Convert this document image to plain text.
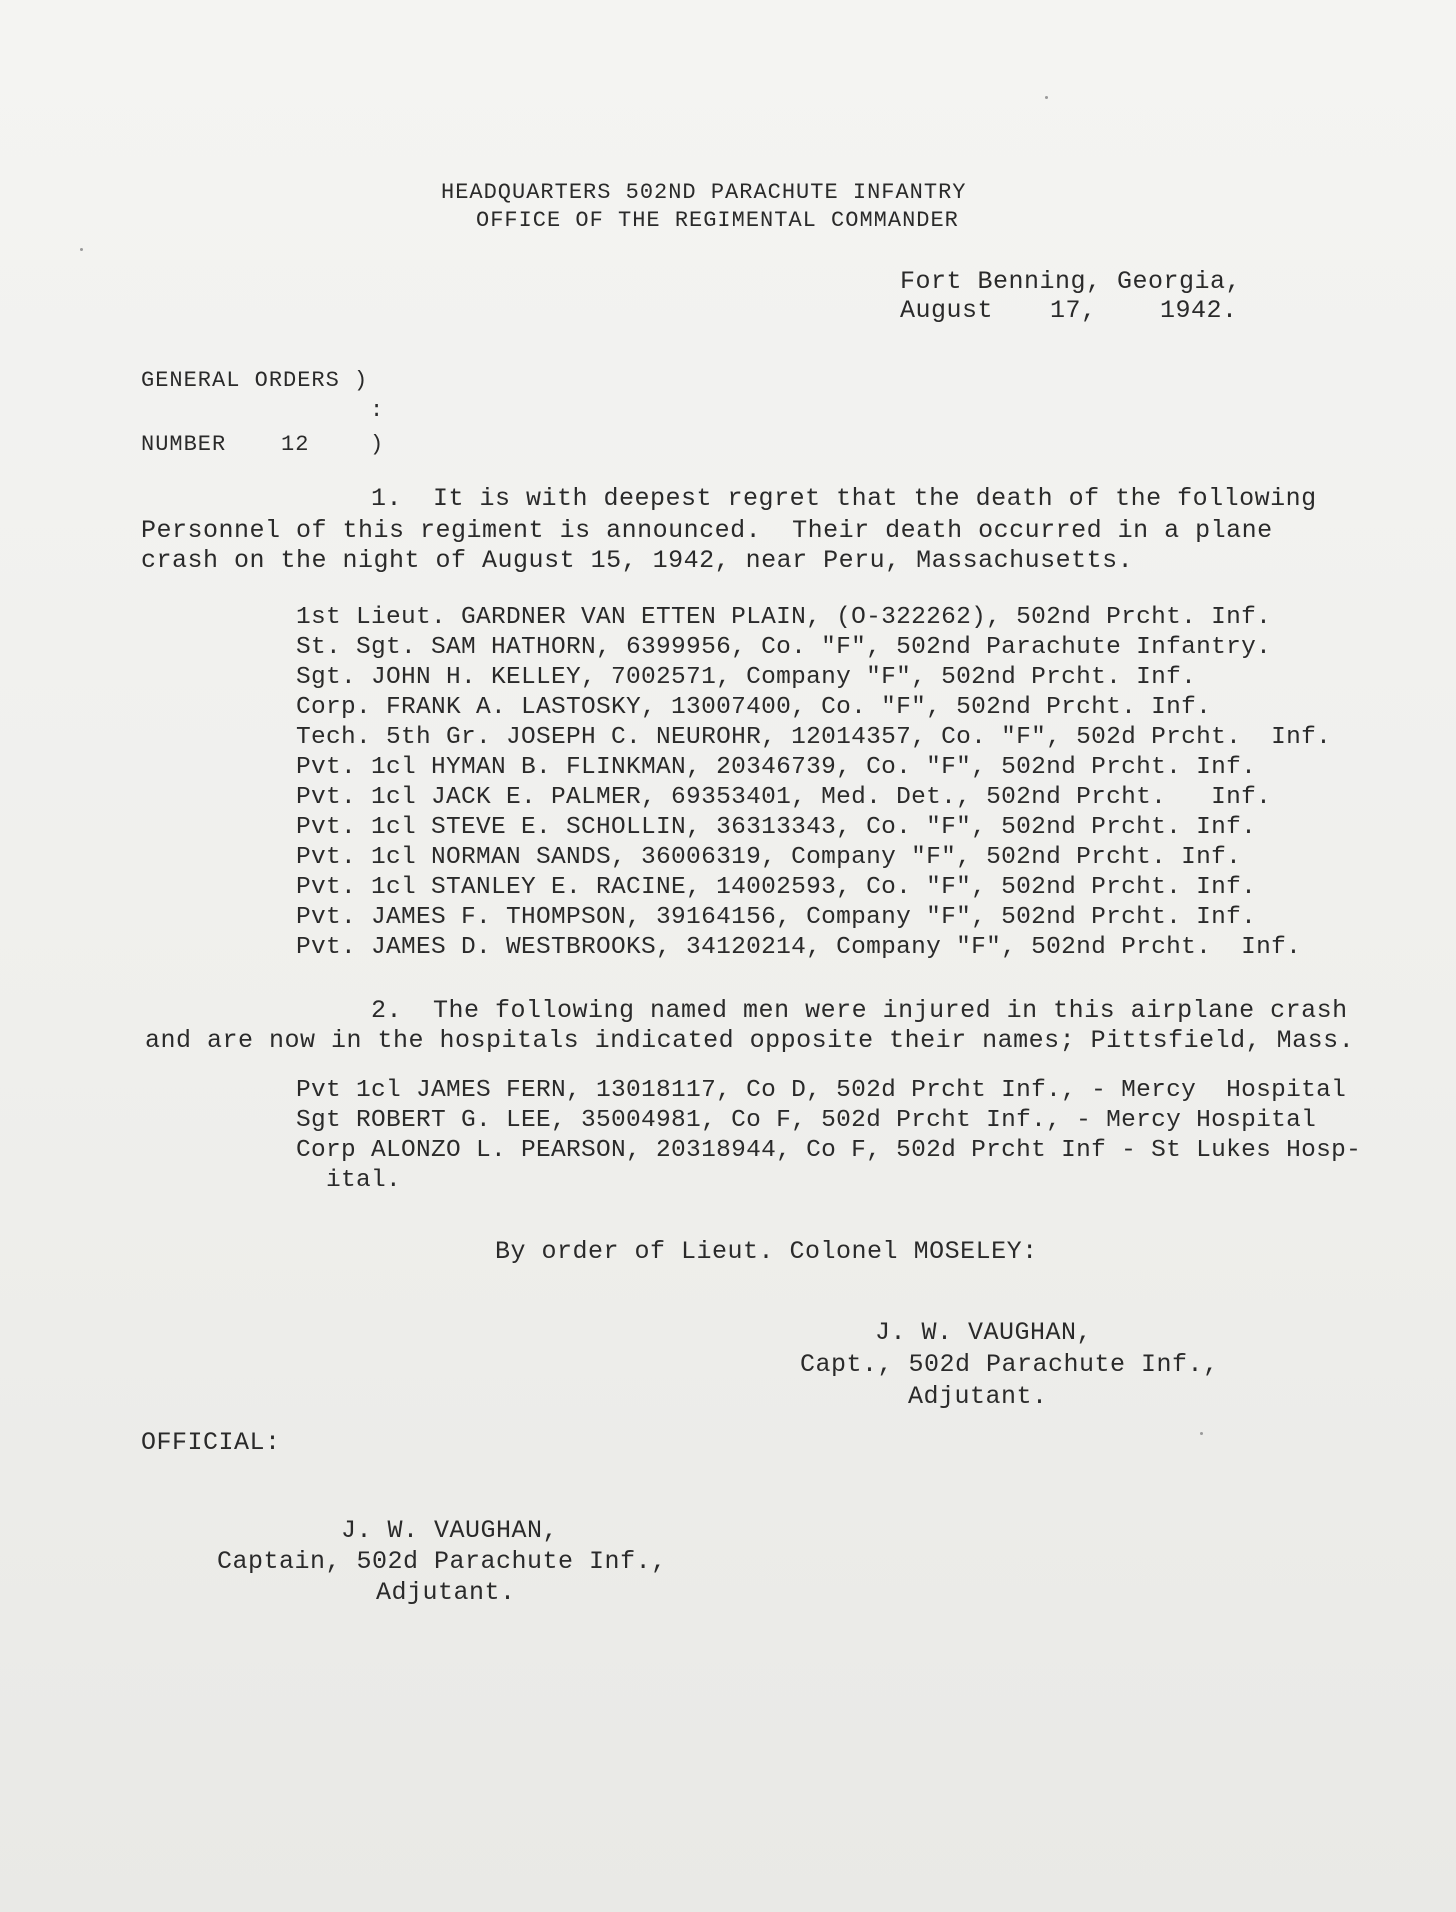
HEADQUARTERS 502ND PARACHUTE INFANTRY
OFFICE OF THE REGIMENTAL COMMANDER
Fort Benning, Georgia,
August 17,	1942.
GENERAL ORDERS )
:
NUMBER 12	)
1.  It is with deepest regret that the death of the following
Personnel of this regiment is announced.  Their death occurred in a plane
crash on the night of August 15, 1942, near Peru, Massachusetts.
1st Lieut. GARDNER VAN ETTEN PLAIN, (O-322262), 502nd Prcht. Inf.
St. Sgt. SAM HATHORN, 6399956, Co. "F", 502nd Parachute Infantry.
Sgt. JOHN H. KELLEY, 7002571, Company "F", 502nd Prcht. Inf.
Corp. FRANK A. LASTOSKY, 13007400, Co. "F", 502nd Prcht. Inf.
Tech. 5th Gr. JOSEPH C. NEUROHR, 12014357, Co. "F", 502d Prcht.  Inf.
Pvt. 1cl HYMAN B. FLINKMAN, 20346739, Co. "F", 502nd Prcht. Inf.
Pvt. 1cl JACK E. PALMER, 69353401, Med. Det., 502nd Prcht.   Inf.
Pvt. 1cl STEVE E. SCHOLLIN, 36313343, Co. "F", 502nd Prcht. Inf.
Pvt. 1cl NORMAN SANDS, 36006319, Company "F", 502nd Prcht. Inf.
Pvt. 1cl STANLEY E. RACINE, 14002593, Co. "F", 502nd Prcht. Inf.
Pvt. JAMES F. THOMPSON, 39164156, Company "F", 502nd Prcht. Inf.
Pvt. JAMES D. WESTBROOKS, 34120214, Company "F", 502nd Prcht.  Inf.
2.  The following named men were injured in this airplane crash
and are now in the hospitals indicated opposite their names; Pittsfield, Mass.
Pvt 1cl JAMES FERN, 13018117, Co D, 502d Prcht Inf., - Mercy  Hospital
Sgt ROBERT G. LEE, 35004981, Co F, 502d Prcht Inf., - Mercy Hospital
Corp ALONZO L. PEARSON, 20318944, Co F, 502d Prcht Inf - St Lukes Hosp-
ital.
By order of Lieut. Colonel MOSELEY:
J. W. VAUGHAN,
Capt., 502d Parachute Inf.,
Adjutant.
OFFICIAL:
J. W. VAUGHAN,
Captain, 502d Parachute Inf.,
Adjutant.
